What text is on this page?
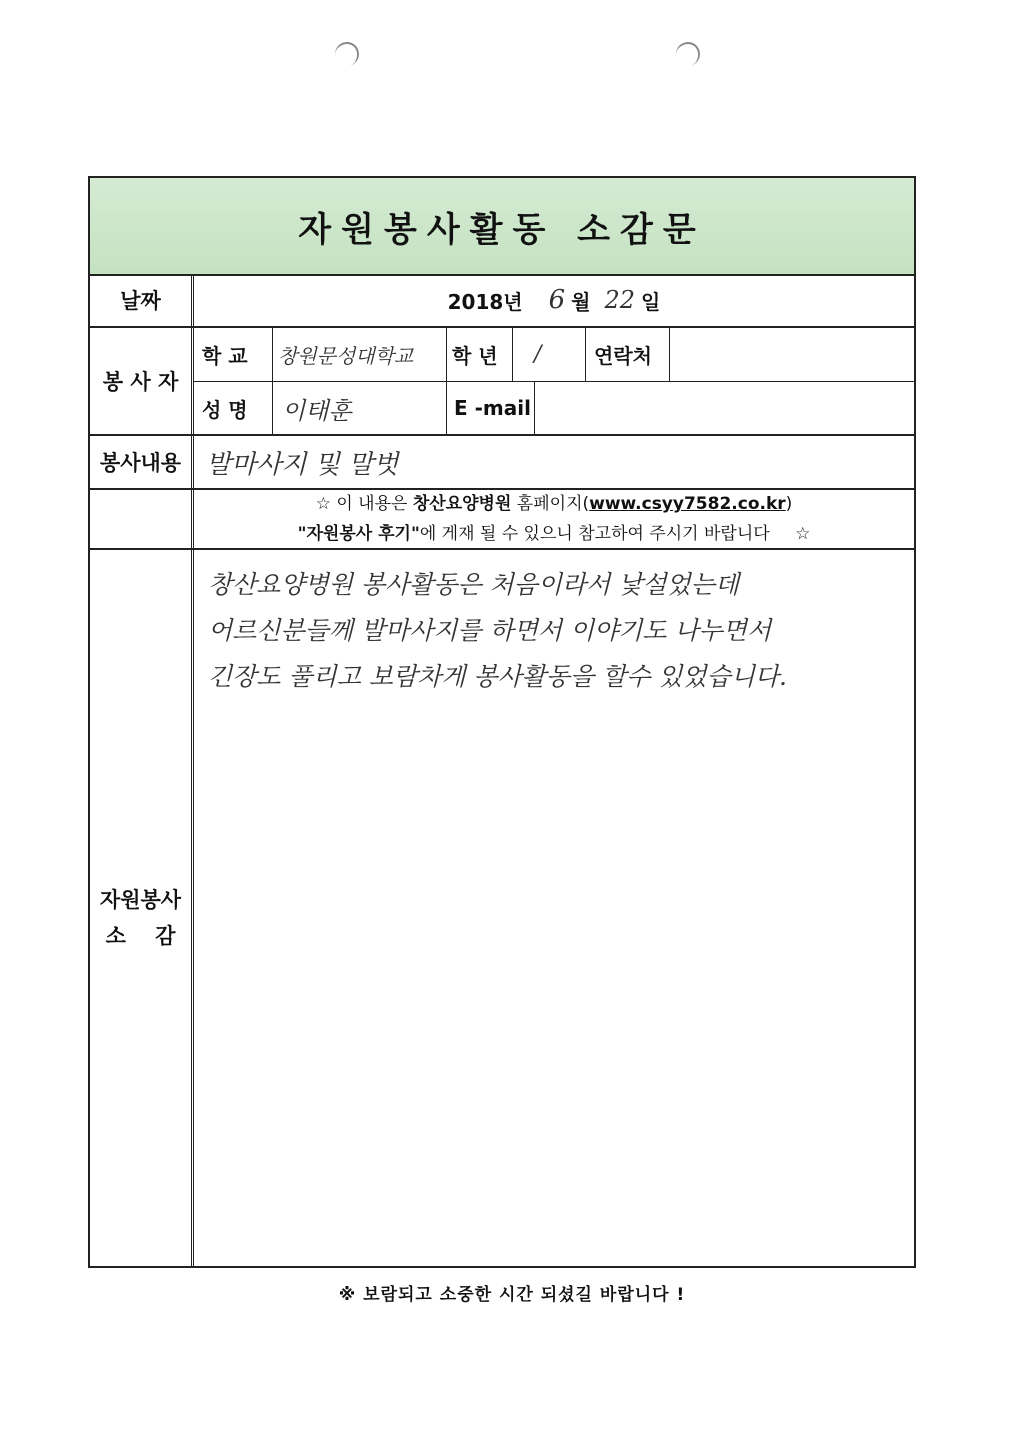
자원봉사활동 소감문
날짜	2018년 6 월 22 일
봉 사 자
학 교	창원문성대학교	학 년	/	연락처
성 명	이태훈	E -mail
봉사내용 발마사지 및 말벗
☆ 이 내용은 창산요양병원 홈페이지(www.csyy7582.co.kr)
"자원봉사 후기"에 게재 될 수 있으니 참고하여 주시기 바랍니다 ☆
자원봉사
소    감
창산요양병원 봉사활동은 처음이라서 낯설었는데
어르신분들께 발마사지를 하면서 이야기도 나누면서
긴장도 풀리고 보람차게 봉사활동을 할수 있었습니다.
※ 보람되고 소중한 시간 되셨길 바랍니다 !
